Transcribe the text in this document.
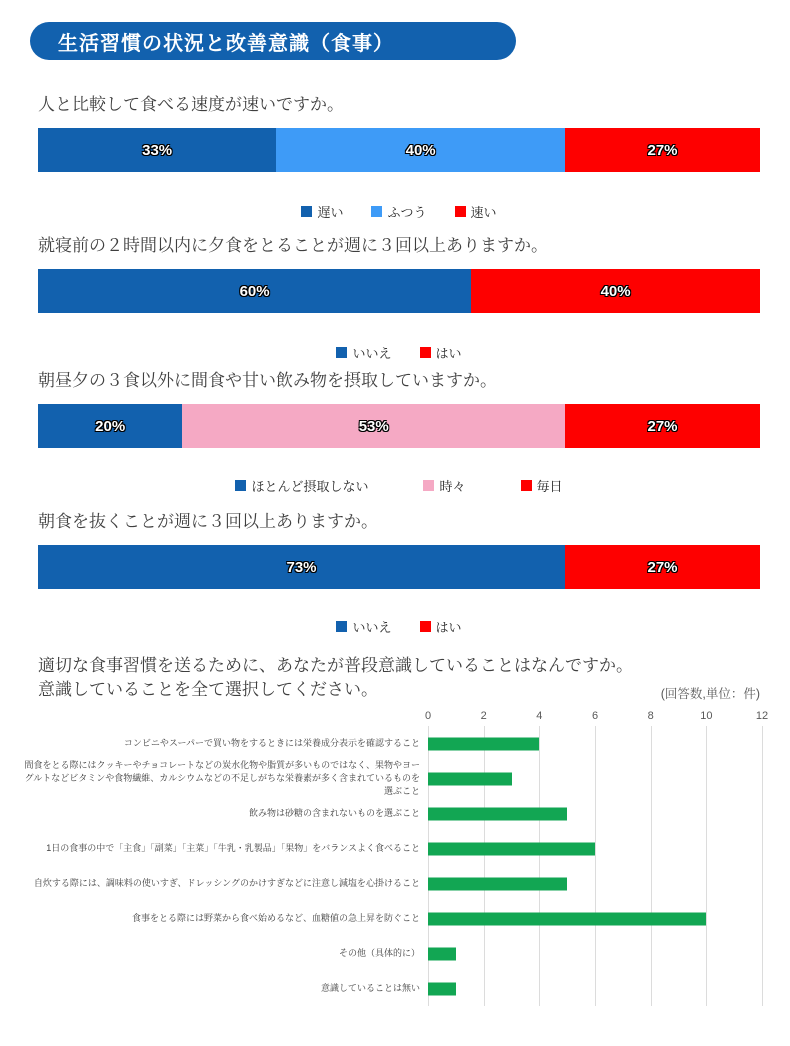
生活習慣の状況と改善意識（食事）
人と比較して食べる速度が速いですか。
33%	40%	27%
遅い	ふつう	速い
就寝前の２時間以内に夕食をとることが週に３回以上ありますか。
60%	40%
いいえ	はい
朝昼夕の３食以外に間食や甘い飲み物を摂取していますか。
20%	53%	27%
ほとんど摂取しない	時々	毎日
朝食を抜くことが週に３回以上ありますか。
73%	27%
いいえ	はい
適切な食事習慣を送るために、あなたが普段意識していることはなんですか。
意識していることを全て選択してください。	(回答数,単位：件)
0	2	4	6	8	10	12
コンビニやスーパーで買い物をするときには栄養成分表示を確認すること
間食をとる際にはクッキーやチョコレートなどの炭水化物や脂質が多いものではなく、果物やヨーグルトなどビタミンや食物繊維、カルシウムなどの不足しがちな栄養素が多く含まれているものを選ぶこと
飲み物は砂糖の含まれないものを選ぶこと
1日の食事の中で「主食」「副菜」「主菜」「牛乳・乳製品」「果物」をバランスよく食べること
自炊する際には、調味料の使いすぎ、ドレッシングのかけすぎなどに注意し減塩を心掛けること
食事をとる際には野菜から食べ始めるなど、血糖値の急上昇を防ぐこと
その他（具体的に）
意識していることは無い
